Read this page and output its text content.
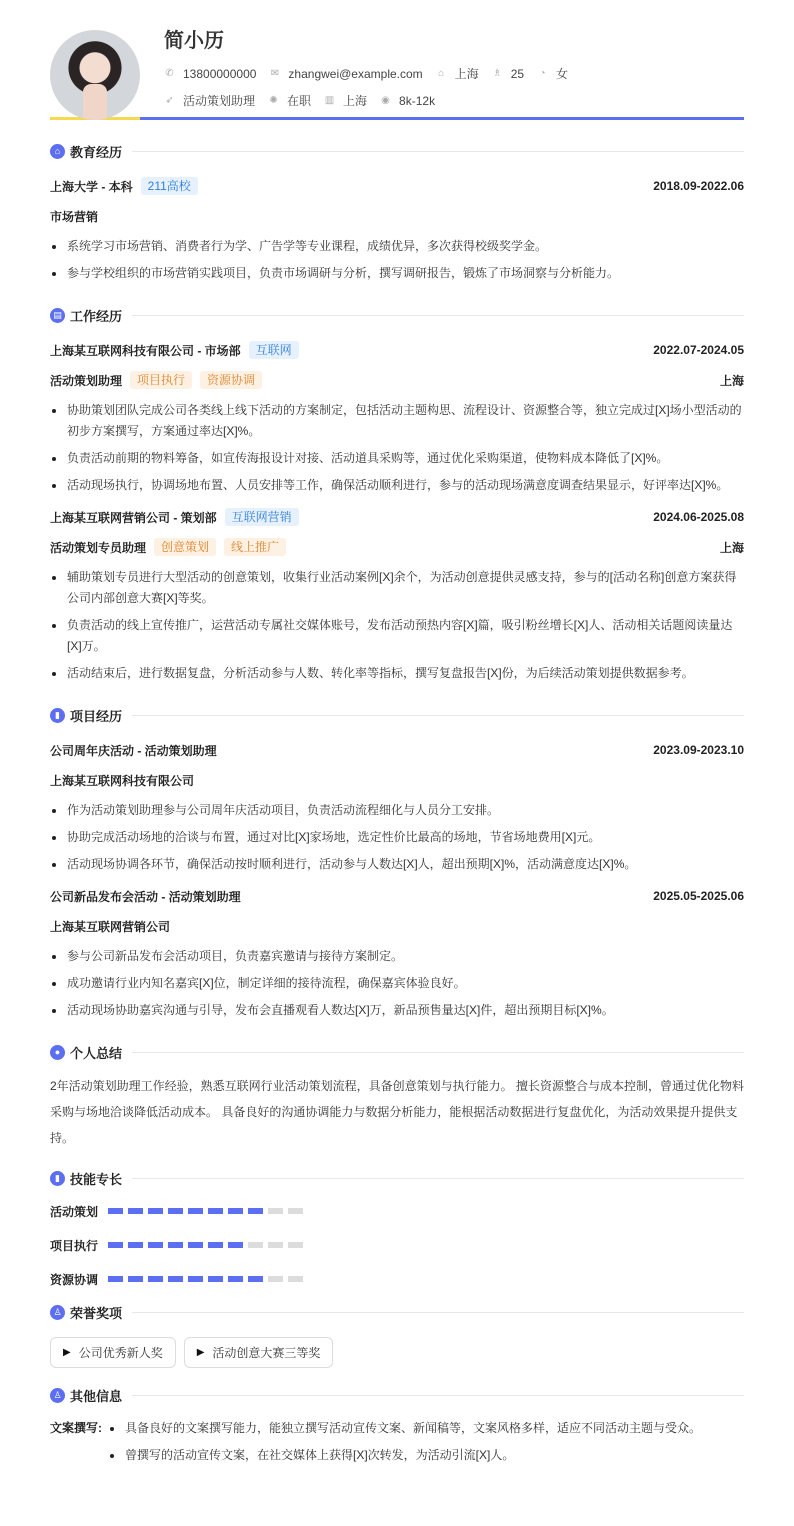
简小历
✆ 13800000000 ✉ zhangwei@example.com ⌂ 上海 ♗ 25 ◔ 女
➶ 活动策划助理 ✺ 在职 ▥ 上海 ◉ 8k-12k
⌂ 教育经历
上海大学 - 本科	211高校	2018.09-2022.06
市场营销
系统学习市场营销、消费者行为学、广告学等专业课程，成绩优异，多次获得校级奖学金。
参与学校组织的市场营销实践项目，负责市场调研与分析，撰写调研报告，锻炼了市场洞察与分析能力。
▤ 工作经历
上海某互联网科技有限公司 - 市场部	互联网	2022.07-2024.05
活动策划助理	项目执行	资源协调	上海
协助策划团队完成公司各类线上线下活动的方案制定，包括活动主题构思、流程设计、资源整合等，独立完成过[X]场小型活动的初步方案撰写，方案通过率达[X]%。
负责活动前期的物料筹备，如宣传海报设计对接、活动道具采购等，通过优化采购渠道，使物料成本降低了[X]%。
活动现场执行，协调场地布置、人员安排等工作，确保活动顺利进行，参与的活动现场满意度调查结果显示，好评率达[X]%。
上海某互联网营销公司 - 策划部	互联网营销	2024.06-2025.08
活动策划专员助理	创意策划	线上推广	上海
辅助策划专员进行大型活动的创意策划，收集行业活动案例[X]余个，为活动创意提供灵感支持，参与的[活动名称]创意方案获得公司内部创意大赛[X]等奖。
负责活动的线上宣传推广，运营活动专属社交媒体账号，发布活动预热内容[X]篇，吸引粉丝增长[X]人、活动相关话题阅读量达[X]万。
活动结束后，进行数据复盘，分析活动参与人数、转化率等指标，撰写复盘报告[X]份，为后续活动策划提供数据参考。
▮ 项目经历
公司周年庆活动 - 活动策划助理	2023.09-2023.10
上海某互联网科技有限公司
作为活动策划助理参与公司周年庆活动项目，负责活动流程细化与人员分工安排。
协助完成活动场地的洽谈与布置，通过对比[X]家场地，选定性价比最高的场地，节省场地费用[X]元。
活动现场协调各环节，确保活动按时顺利进行，活动参与人数达[X]人，超出预期[X]%，活动满意度达[X]%。
公司新品发布会活动 - 活动策划助理	2025.05-2025.06
上海某互联网营销公司
参与公司新品发布会活动项目，负责嘉宾邀请与接待方案制定。
成功邀请行业内知名嘉宾[X]位，制定详细的接待流程，确保嘉宾体验良好。
活动现场协助嘉宾沟通与引导，发布会直播观看人数达[X]万，新品预售量达[X]件，超出预期目标[X]%。
● 个人总结
2年活动策划助理工作经验，熟悉互联网行业活动策划流程，具备创意策划与执行能力。 擅长资源整合与成本控制，曾通过优化物料采购与场地洽谈降低活动成本。 具备良好的沟通协调能力与数据分析能力，能根据活动数据进行复盘优化，为活动效果提升提供支持。
▮ 技能专长
活动策划
项目执行
资源协调
♙ 荣誉奖项
▶ 公司优秀新人奖	▶ 活动创意大赛三等奖
♙ 其他信息
文案撰写:	具备良好的文案撰写能力，能独立撰写活动宣传文案、新闻稿等，文案风格多样，适应不同活动主题与受众。
曾撰写的活动宣传文案，在社交媒体上获得[X]次转发，为活动引流[X]人。
